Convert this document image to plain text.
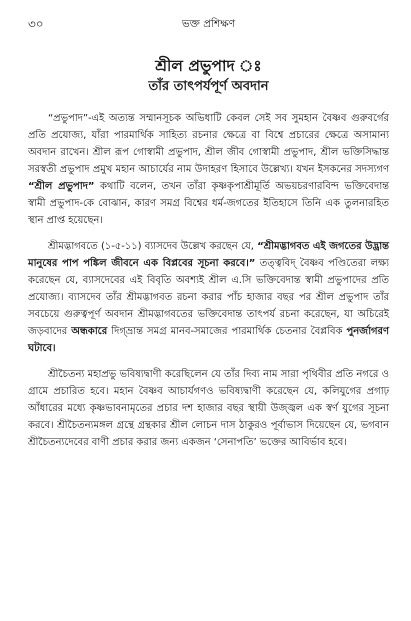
৩০	ভক্ত প্রশিক্ষণ
শ্রীল প্রভুপাদ ঃ
তাঁর তাৎপর্যপূর্ণ অবদান

“প্রভুপাদ”-এই অত্যন্ত সম্মানসূচক অভিধাটি কেবল সেই সব সুমহান বৈষ্ণব গুরুবর্গের প্রতি প্রযোজ্য, যাঁরা পারমার্থিক সাহিত্য রচনার ক্ষেত্রে বা বিশ্বে প্রচারের ক্ষেত্রে অসামান্য অবদান রাখেন। শ্রীল রূপ গোস্বামী প্রভুপাদ, শ্রীল জীব গোস্বামী প্রভুপাদ, শ্রীল ভক্তিসিদ্ধান্ত সরস্বতী প্রভুপাদ প্রমুখ মহান আচার্যের নাম উদাহরণ হিসাবে উল্লেখ্য। যখন ইসকনের সদস্যগণ “শ্রীল প্রভুপাদ” কথাটি বলেন, তখন তাঁরা কৃষ্ণকৃপাশ্রীমূর্তি অভয়চরণারবিন্দ ভক্তিবেদান্ত স্বামী প্রভুপাদ-কে বোঝান, কারণ সমগ্র বিশ্বের ধর্ম-জগতের ইতিহাসে তিনি এক তুলনারহিত স্থান প্রাপ্ত হয়েছেন।

শ্রীমদ্ভাগবতে (১-৫-১১) ব্যাসদেব উল্লেখ করছেন যে, “শ্রীমদ্ভাগবত এই জগতের উদ্ভ্রান্ত মানুষের পাপ পঙ্কিল জীবনে এক বিপ্লবের সূচনা করবে।” তত্ত্ববিদ্ বৈষ্ণব পণ্ডিতেরা লক্ষ্য করেছেন যে, ব্যাসদেবের এই বিবৃতি অবশ্যই শ্রীল এ.সি ভক্তিবেদান্ত স্বামী প্রভুপাদের প্রতি প্রযোজ্য। ব্যাসদেব তাঁর শ্রীমদ্ভাগবত রচনা করার পাঁচ হাজার বছর পর শ্রীল প্রভুপাদ তাঁর সবচেয়ে গুরুত্বপূর্ণ অবদান শ্রীমদ্ভাগবতের ভক্তিবেদান্ত তাৎপর্য রচনা করেছেন, যা অচিরেই জড়বাদের অন্ধকারে দিগ্‌ভ্রান্ত সমগ্র মানব-সমাজের পারমার্থিক চেতনার বৈপ্লবিক পুনর্জাগরণ ঘটাবে।

শ্রীচৈতন্য মহাপ্রভু ভবিষ্যদ্বাণী করেছিলেন যে তাঁর দিব্য নাম সারা পৃথিবীর প্রতি নগরে ও গ্রামে প্রচারিত হবে। মহান বৈষ্ণব আচার্যগণও ভবিষ্যদ্বাণী করেছেন যে, কলিযুগের প্রগাঢ় আঁধারের মধ্যে কৃষ্ণভাবনামৃতের প্রচার দশ হাজার বছর স্থায়ী উজ্জ্বল এক স্বর্ণ যুগের সূচনা করবে। শ্রীচৈতন্যমঙ্গল গ্রন্থে গ্রন্থকার শ্রীল লোচন দাস ঠাকুরও পূর্বাভাস দিয়েছেন যে, ভগবান শ্রীচৈতন্যদেবের বাণী প্রচার করার জন্য একজন ‘সেনাপতি’ ভক্তের আবির্ভাব হবে।
